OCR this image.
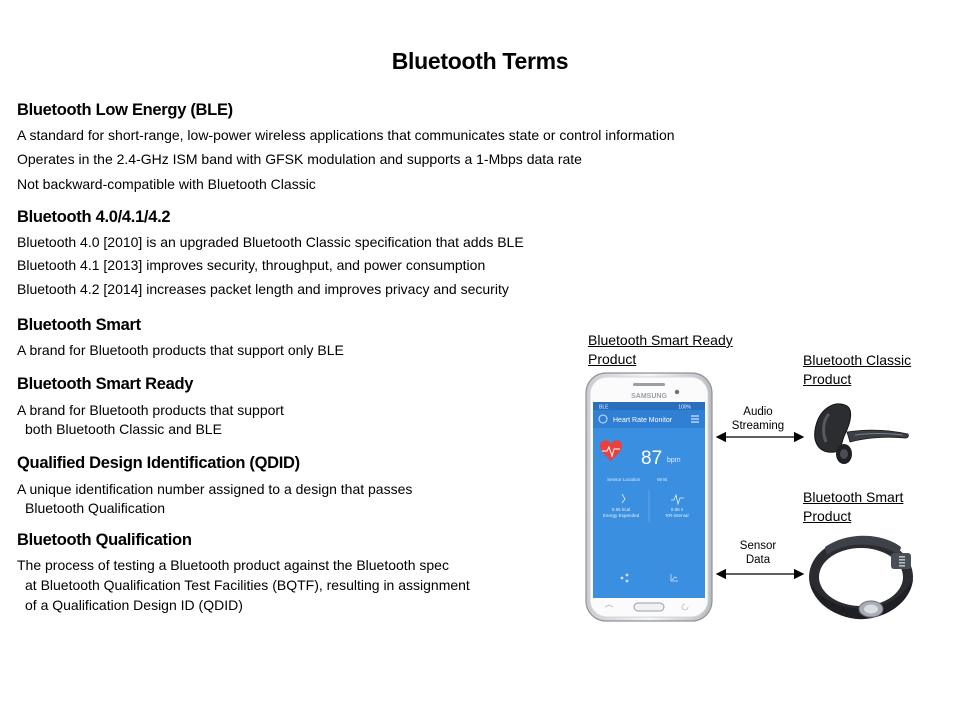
Bluetooth Terms
Bluetooth Low Energy (BLE)
A standard for short-range, low-power wireless applications that communicates state or control information
Operates in the 2.4-GHz ISM band with GFSK modulation and supports a 1-Mbps data rate
Not backward-compatible with Bluetooth Classic
Bluetooth 4.0/4.1/4.2
Bluetooth 4.0 [2010] is an upgraded Bluetooth Classic specification that adds BLE
Bluetooth 4.1 [2013] improves security, throughput, and power consumption
Bluetooth 4.2 [2014] increases packet length and improves privacy and security
Bluetooth Smart
A brand for Bluetooth products that support only BLE
Bluetooth Smart Ready
A brand for Bluetooth products that support
both Bluetooth Classic and BLE
Qualified Design Identification (QDID)
A unique identification number assigned to a design that passes
Bluetooth Qualification
Bluetooth Qualification
The process of testing a Bluetooth product against the Bluetooth spec
at Bluetooth Qualification Test Facilities (BQTF), resulting in assignment
of a Qualification Design ID (QDID)
Bluetooth Smart Ready
Product	Bluetooth Classic
Product
Bluetooth Smart
Product
Audio
Streaming
Sensor
Data
SAMSUNG
BLE	100%
Heart Rate Monitor
87 bpm
Sensor Location	Wrist
0.65 kcal
Energy Expended
0.65 s
RR-interval
